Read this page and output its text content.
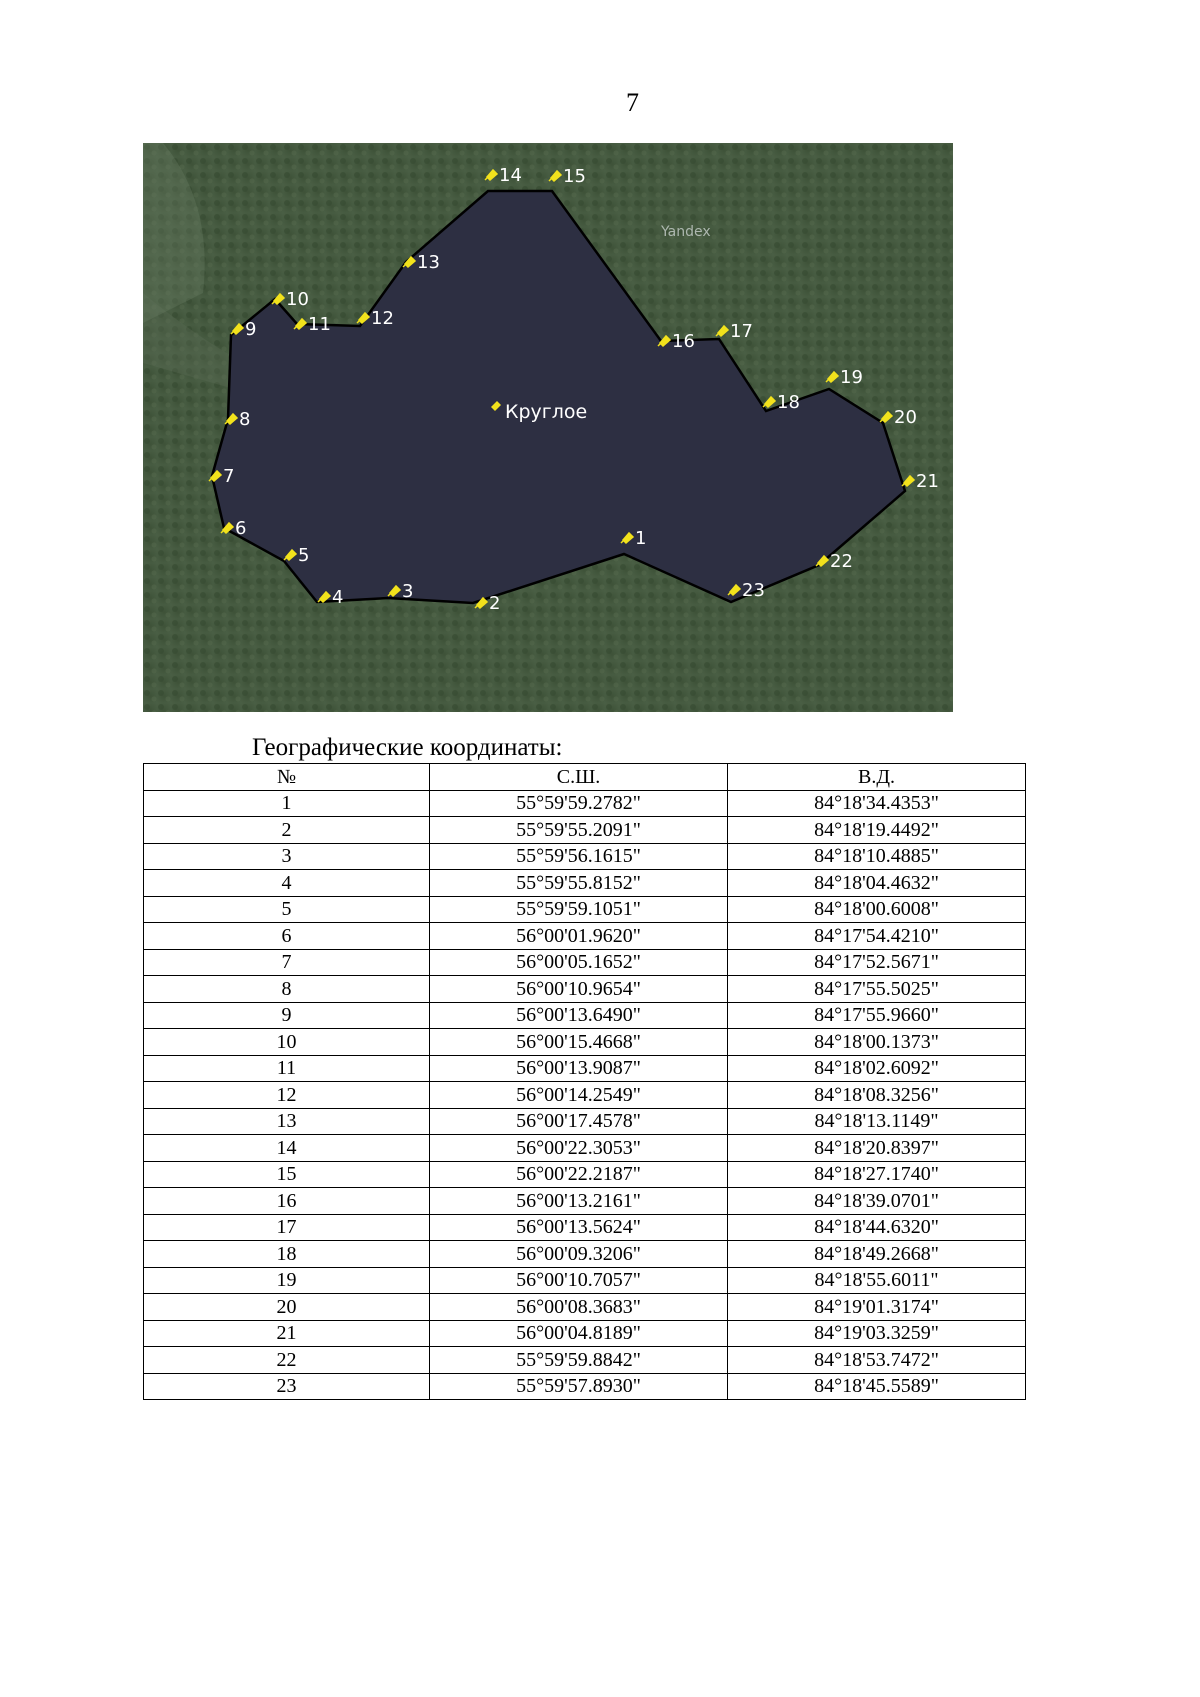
7
1
2
3
4
5
6
7
8
9
10
11 12
13
14 15
16 17
18
19
20
21
22
23
Круглое
Yandex
Географические координаты:
№	С.Ш.	В.Д.
1	55°59'59.2782"	84°18'34.4353"
2	55°59'55.2091"	84°18'19.4492"
3	55°59'56.1615"	84°18'10.4885"
4	55°59'55.8152"	84°18'04.4632"
5	55°59'59.1051"	84°18'00.6008"
6	56°00'01.9620"	84°17'54.4210"
7	56°00'05.1652"	84°17'52.5671"
8	56°00'10.9654"	84°17'55.5025"
9	56°00'13.6490"	84°17'55.9660"
10	56°00'15.4668"	84°18'00.1373"
11	56°00'13.9087"	84°18'02.6092"
12	56°00'14.2549"	84°18'08.3256"
13	56°00'17.4578"	84°18'13.1149"
14	56°00'22.3053"	84°18'20.8397"
15	56°00'22.2187"	84°18'27.1740"
16	56°00'13.2161"	84°18'39.0701"
17	56°00'13.5624"	84°18'44.6320"
18	56°00'09.3206"	84°18'49.2668"
19	56°00'10.7057"	84°18'55.6011"
20	56°00'08.3683"	84°19'01.3174"
21	56°00'04.8189"	84°19'03.3259"
22	55°59'59.8842"	84°18'53.7472"
23	55°59'57.8930"	84°18'45.5589"
